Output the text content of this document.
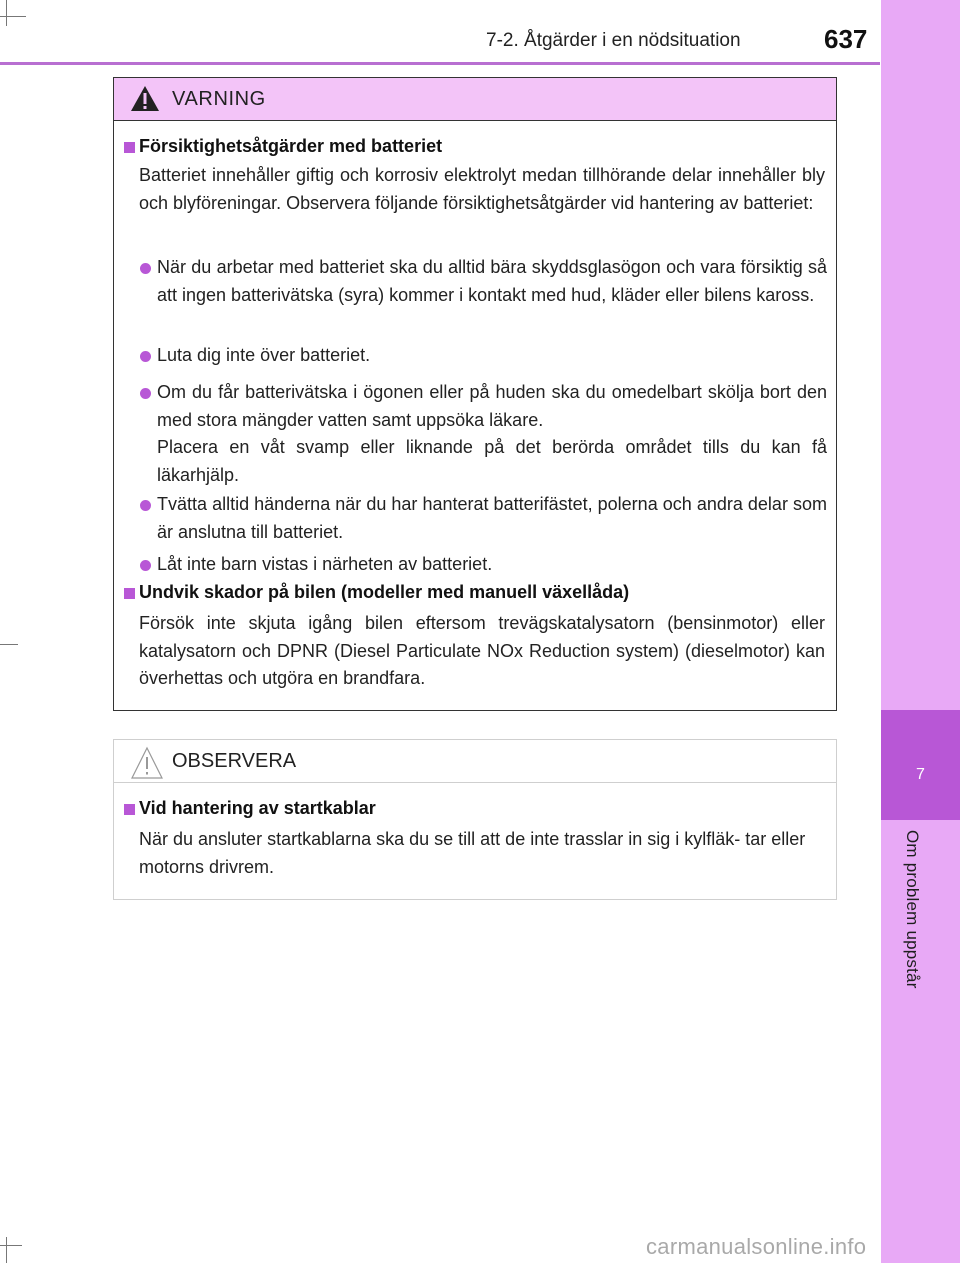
7-2. Åtgärder i en nödsituation	637
7
Om problem uppstår
VARNING
Försiktighetsåtgärder med batteriet
Batteriet innehåller giftig och korrosiv elektrolyt medan tillhörande delar innehåller bly och blyföreningar. Observera följande försiktighetsåtgärder vid hantering av batteriet:
När du arbetar med batteriet ska du alltid bära skyddsglasögon och vara försiktig så att ingen batterivätska (syra) kommer i kontakt med hud, kläder eller bilens kaross.
Luta dig inte över batteriet.
Om du får batterivätska i ögonen eller på huden ska du omedelbart skölja bort den med stora mängder vatten samt uppsöka läkare.
Placera en våt svamp eller liknande på det berörda området tills du kan få läkarhjälp.
Tvätta alltid händerna när du har hanterat batterifästet, polerna och andra delar som är anslutna till batteriet.
Låt inte barn vistas i närheten av batteriet.
Undvik skador på bilen (modeller med manuell växellåda)
Försök inte skjuta igång bilen eftersom trevägskatalysatorn (bensinmotor) eller katalysatorn och DPNR (Diesel Particulate NOx Reduction system) (dieselmotor) kan överhettas och utgöra en brandfara.
OBSERVERA
Vid hantering av startkablar
När du ansluter startkablarna ska du se till att de inte trasslar in sig i kylfläk- tar eller motorns drivrem.
carmanualsonline.info
